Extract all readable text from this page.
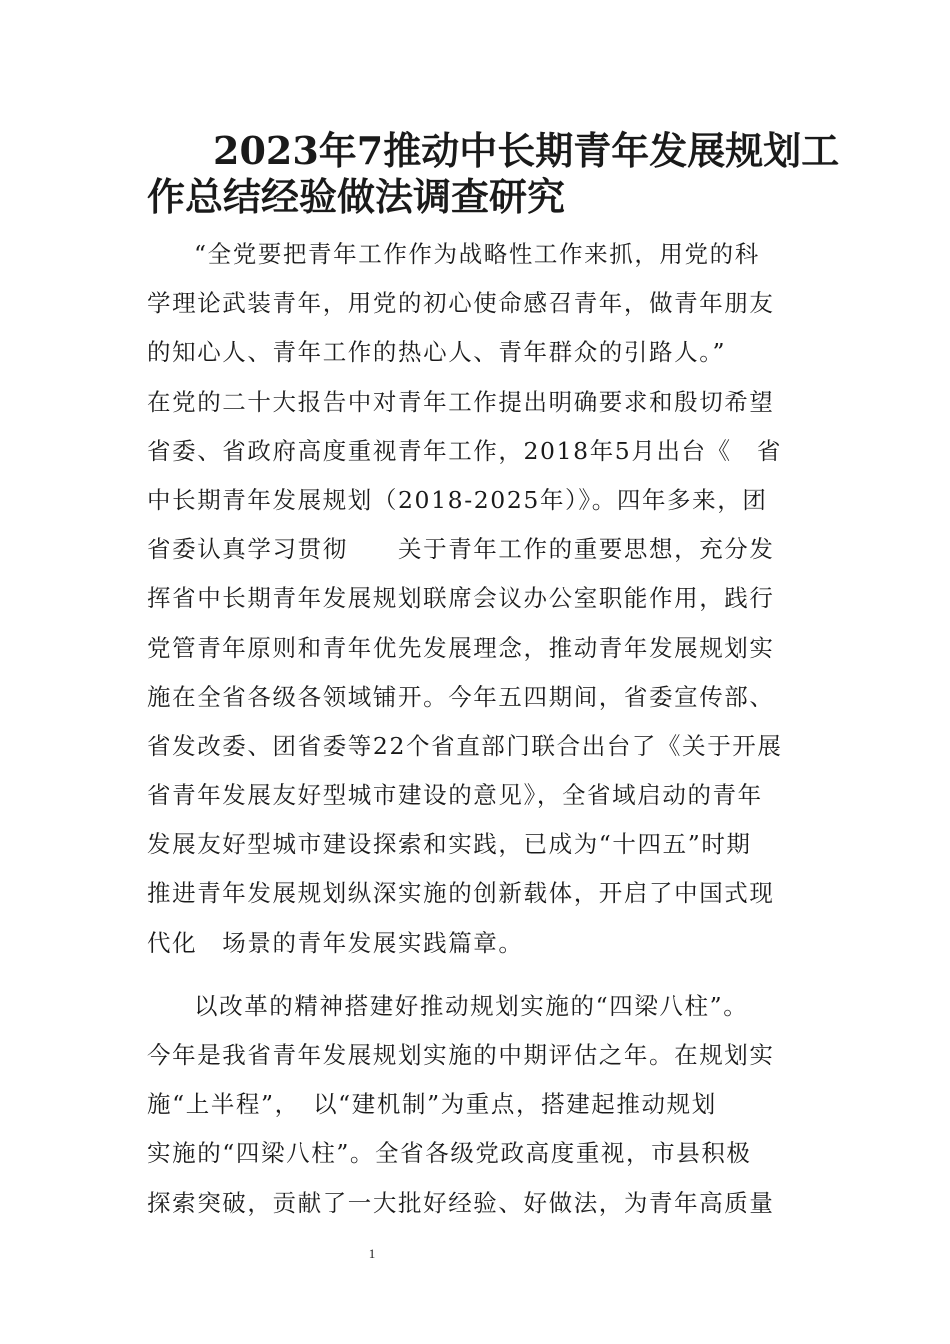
2023年7推动中长期青年发展规划工
作总结经验做法调查研究
“全党要把青年工作作为战略性工作来抓，用党的科
学理论武装青年，用党的初心使命感召青年，做青年朋友
的知心人、青年工作的热心人、青年群众的引路人。”
在党的二十大报告中对青年工作提出明确要求和殷切希望
省委、省政府高度重视青年工作，2018年5月出台《　省
中长期青年发展规划（2018-2025年）》。四年多来，团
省委认真学习贯彻　　关于青年工作的重要思想，充分发
挥省中长期青年发展规划联席会议办公室职能作用，践行
党管青年原则和青年优先发展理念，推动青年发展规划实
施在全省各级各领域铺开。今年五四期间，省委宣传部、
省发改委、团省委等22个省直部门联合出台了《关于开展
省青年发展友好型城市建设的意见》，全省域启动的青年
发展友好型城市建设探索和实践，已成为“十四五”时期
推进青年发展规划纵深实施的创新载体，开启了中国式现
代化　场景的青年发展实践篇章。
以改革的精神搭建好推动规划实施的“四梁八柱”。
今年是我省青年发展规划实施的中期评估之年。在规划实
施“上半程”，　以“建机制”为重点，搭建起推动规划
实施的“四梁八柱”。全省各级党政高度重视，市县积极
探索突破，贡献了一大批好经验、好做法，为青年高质量
1
